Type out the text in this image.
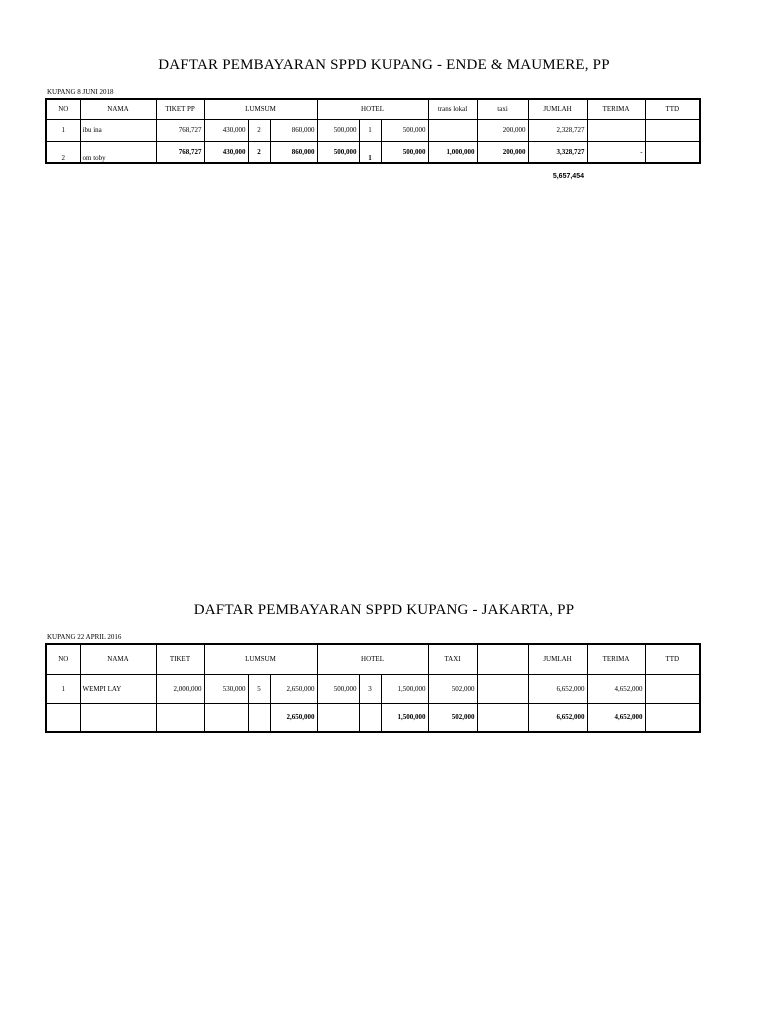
DAFTAR PEMBAYARAN SPPD KUPANG - ENDE & MAUMERE, PP
KUPANG 8 JUNI 2018
NO	NAMA	TIKET PP	LUMSUM			HOTEL			trans lokal	taxi	JUMLAH	TERIMA	TTD
1	ibu ina	768,727	430,000	2	860,000	500,000	1	500,000		200,000	2,328,727		
2	om toby	768,727	430,000	2	860,000	500,000	1	500,000	1,000,000	200,000	3,328,727	-	
5,657,454
DAFTAR PEMBAYARAN SPPD KUPANG - JAKARTA, PP
KUPANG 22 APRIL 2016
NO	NAMA	TIKET	LUMSUM			HOTEL			TAXI		JUMLAH	TERIMA	TTD
1	WEMPI LAY	2,000,000	530,000	5	2,650,000	500,000	3	1,500,000	502,000		6,652,000	4,652,000	
					2,650,000			1,500,000	502,000		6,652,000	4,652,000	
